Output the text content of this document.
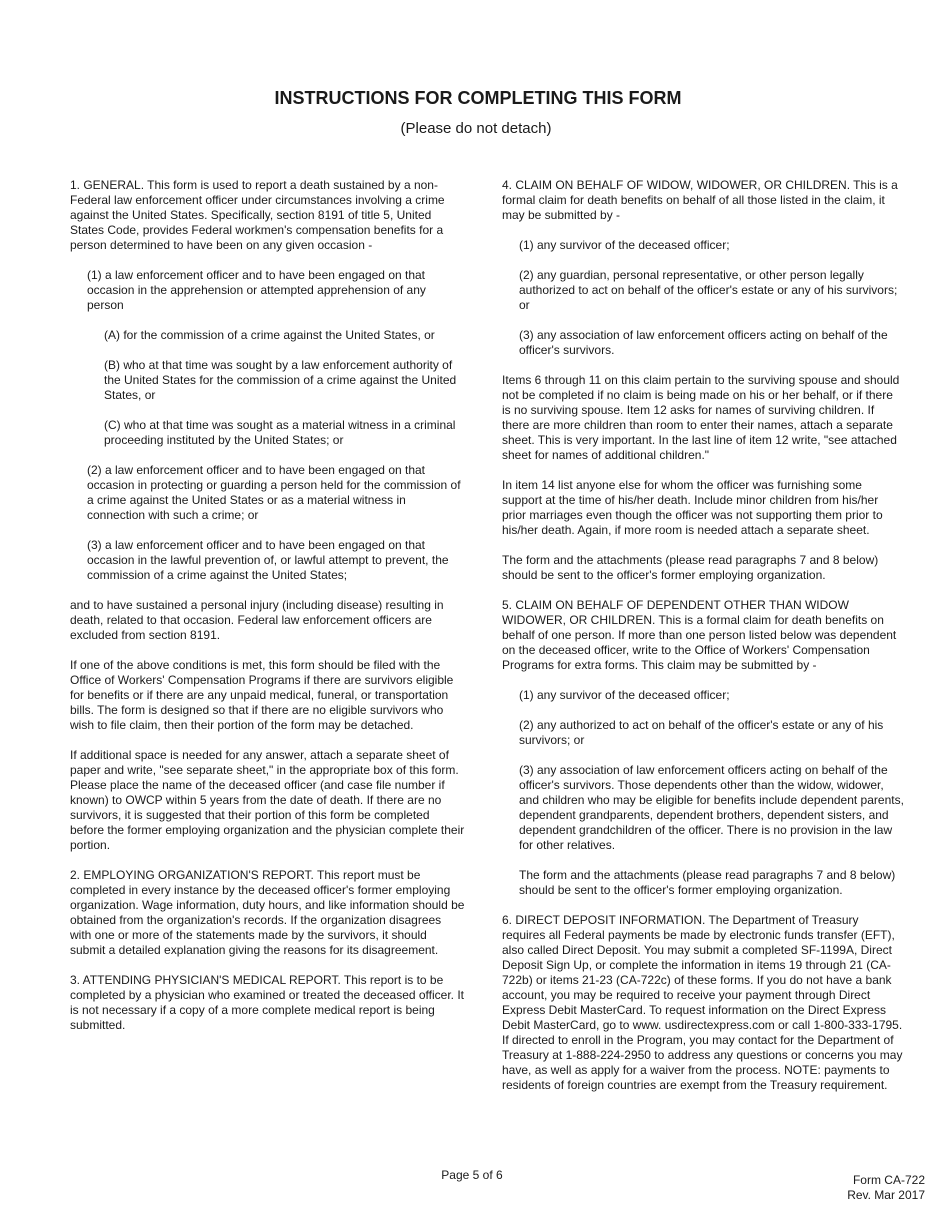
INSTRUCTIONS FOR COMPLETING THIS FORM
(Please do not detach)

1. GENERAL. This form is used to report a death sustained by a non-Federal law enforcement officer under circumstances involving a crime against the United States. Specifically, section 8191 of title 5, United States Code, provides Federal workmen's compensation benefits for a person determined to have been on any given occasion -

(1) a law enforcement officer and to have been engaged on that occasion in the apprehension or attempted apprehension of any person

(A) for the commission of a crime against the United States, or

(B) who at that time was sought by a law enforcement authority of the United States for the commission of a crime against the United States, or

(C) who at that time was sought as a material witness in a criminal proceeding instituted by the United States; or

(2) a law enforcement officer and to have been engaged on that occasion in protecting or guarding a person held for the commission of a crime against the United States or as a material witness in connection with such a crime; or

(3) a law enforcement officer and to have been engaged on that occasion in the lawful prevention of, or lawful attempt to prevent, the commission of a crime against the United States;

and to have sustained a personal injury (including disease) resulting in death, related to that occasion. Federal law enforcement officers are excluded from section 8191.

If one of the above conditions is met, this form should be filed with the Office of Workers' Compensation Programs if there are survivors eligible for benefits or if there are any unpaid medical, funeral, or transportation bills. The form is designed so that if there are no eligible survivors who wish to file claim, then their portion of the form may be detached.

If additional space is needed for any answer, attach a separate sheet of paper and write, "see separate sheet," in the appropriate box of this form. Please place the name of the deceased officer (and case file number if known) to OWCP within 5 years from the date of death. If there are no survivors, it is suggested that their portion of this form be completed before the former employing organization and the physician complete their portion.

2. EMPLOYING ORGANIZATION'S REPORT. This report must be completed in every instance by the deceased officer's former employing organization. Wage information, duty hours, and like information should be obtained from the organization's records. If the organization disagrees with one or more of the statements made by the survivors, it should submit a detailed explanation giving the reasons for its disagreement.

3. ATTENDING PHYSICIAN'S MEDICAL REPORT. This report is to be completed by a physician who examined or treated the deceased officer. It is not necessary if a copy of a more complete medical report is being submitted.

4. CLAIM ON BEHALF OF WIDOW, WIDOWER, OR CHILDREN. This is a formal claim for death benefits on behalf of all those listed in the claim, it may be submitted by -

(1) any survivor of the deceased officer;

(2) any guardian, personal representative, or other person legally authorized to act on behalf of the officer's estate or any of his survivors; or

(3) any association of law enforcement officers acting on behalf of the officer's survivors.

Items 6 through 11 on this claim pertain to the surviving spouse and should not be completed if no claim is being made on his or her behalf, or if there is no surviving spouse. Item 12 asks for names of surviving children. If there are more children than room to enter their names, attach a separate sheet. This is very important. In the last line of item 12 write, "see attached sheet for names of additional children."

In item 14 list anyone else for whom the officer was furnishing some support at the time of his/her death. Include minor children from his/her prior marriages even though the officer was not supporting them prior to his/her death. Again, if more room is needed attach a separate sheet.

The form and the attachments (please read paragraphs 7 and 8 below) should be sent to the officer's former employing organization.

5. CLAIM ON BEHALF OF DEPENDENT OTHER THAN WIDOW WIDOWER, OR CHILDREN. This is a formal claim for death benefits on behalf of one person. If more than one person listed below was dependent on the deceased officer, write to the Office of Workers' Compensation Programs for extra forms. This claim may be submitted by -

(1) any survivor of the deceased officer;

(2) any authorized to act on behalf of the officer's estate or any of his survivors; or

(3) any association of law enforcement officers acting on behalf of the officer's survivors. Those dependents other than the widow, widower, and children who may be eligible for benefits include dependent parents, dependent grandparents, dependent brothers, dependent sisters, and dependent grandchildren of the officer. There is no provision in the law for other relatives.

The form and the attachments (please read paragraphs 7 and 8 below) should be sent to the officer's former employing organization.

6. DIRECT DEPOSIT INFORMATION. The Department of Treasury requires all Federal payments be made by electronic funds transfer (EFT), also called Direct Deposit. You may submit a completed SF-1199A, Direct Deposit Sign Up, or complete the information in items 19 through 21 (CA-722b) or items 21-23 (CA-722c) of these forms. If you do not have a bank account, you may be required to receive your payment through Direct Express Debit MasterCard. To request information on the Direct Express Debit MasterCard, go to www. usdirectexpress.com or call 1-800-333-1795. If directed to enroll in the Program, you may contact for the Department of Treasury at 1-888-224-2950 to address any questions or concerns you may have, as well as apply for a waiver from the process. NOTE: payments to residents of foreign countries are exempt from the Treasury requirement.

Page 5 of 6	Form CA-722
Rev. Mar 2017
